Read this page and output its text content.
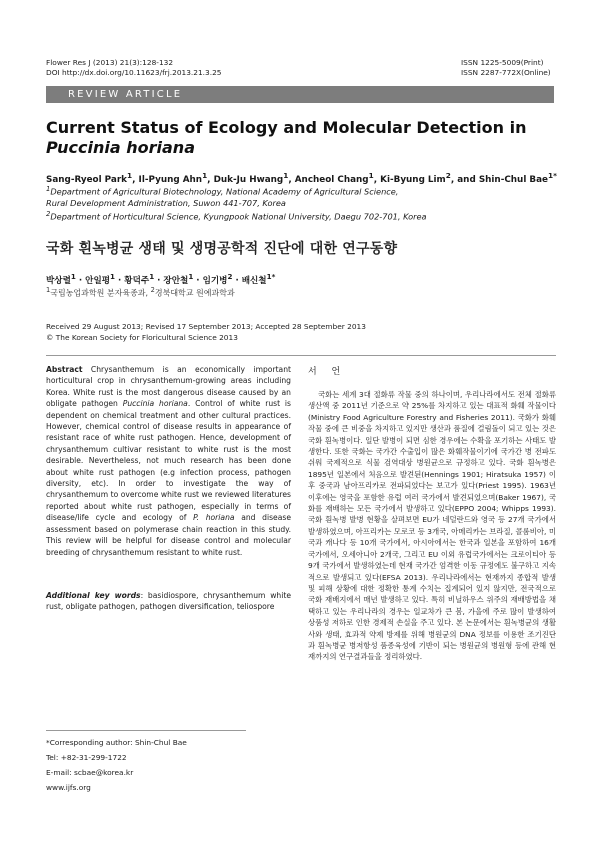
Flower Res J (2013) 21(3):128-132
DOI http://dx.doi.org/10.11623/frj.2013.21.3.25
ISSN 1225-5009(Print)
ISSN 2287-772X(Online)
REVIEW ARTICLE
Current Status of Ecology and Molecular Detection in
Puccinia horiana
Sang-Ryeol Park$^1$, Il-Pyung Ahn$^1$, Duk-Ju Hwang$^1$, Ancheol Chang$^1$, Ki-Byung Lim$^2$, and Shin-Chul Bae$^{1*}$
$^1$Department of Agricultural Biotechnology, National Academy of Agricultural Science,
Rural Development Administration, Suwon 441-707, Korea
$^2$Department of Horticultural Science, Kyungpook National University, Daegu 702-701, Korea
국화 흰녹병균 생태 및 생명공학적 진단에 대한 연구동향
박상렬$^1$ · 안일평$^1$ · 황덕주$^1$ · 장안철$^1$ · 임기병$^2$ · 배신철$^{1*}$
$^1$국립농업과학원 분자육종과, $^2$경북대학교 원예과학과
Received 29 August 2013; Revised 17 September 2013; Accepted 28 September 2013
© The Korean Society for Floricultural Science 2013
Abstract Chrysanthemum is an economically important horticultural crop in chrysanthemum-growing areas including Korea. White rust is the most dangerous disease caused by an obligate pathogen Puccinia horiana. Control of white rust is dependent on chemical treatment and other cultural practices. However, chemical control of disease results in appearance of resistant race of white rust pathogen. Hence, development of chrysanthemum cultivar resistant to white rust is the most desirable. Nevertheless, not much research has been done about white rust pathogen (e.g infection process, pathogen diversity, etc). In order to investigate the way of chrysanthemum to overcome white rust we reviewed literatures reported about white rust pathogen, especially in terms of disease/life cycle and ecology of P. horiana and disease assessment based on polymerase chain reaction in this study. This review will be helpful for disease control and molecular breeding of chrysanthemum resistant to white rust.
Additional key words: basidiospore, chrysanthemum white rust, obligate pathogen, pathogen diversification, teliospore
*Corresponding author: Shin-Chul Bae
Tel: +82-31-299-1722
E-mail: scbae@korea.kr
www.ijfs.org
서 언
국화는 세계 3대 절화류 작물 중의 하나이며, 우리나라에서도 전체 절화류 생산액 중 2011년 기준으로 약 25%를 차지하고 있는 대표적 화훼 작물이다(Ministry Food Agriculture Forestry and Fisheries 2011). 국화가 화훼작물 중에 큰 비중을 차지하고 있지만 생산과 품질에 걸림돌이 되고 있는 것은 국화 흰녹병이다. 일단 발병이 되면 심한 경우에는 수확을 포기하는 사태도 발생한다. 또한 국화는 국가간 수출입이 많은 화훼작물이기에 국가간 병 전파도 쉬워 국제적으로 식물 검역대상 병원균으로 규정하고 있다. 국화 흰녹병은 1895년 일본에서 처음으로 발견된(Hennings 1901; Hiratsuka 1957) 이후 중국과 남아프리카로 전파되었다는 보고가 있다(Priest 1995). 1963년 이후에는 영국을 포함한 유럽 여러 국가에서 발견되었으며(Baker 1967), 국화를 재배하는 모든 국가에서 발생하고 있다(EPPO 2004; Whipps 1993). 국화 흰녹병 발병 현황을 살펴보면 EU가 네덜란드와 영국 등 27개 국가에서 발생하였으며, 아프리카는 모로코 등 3개국, 아메리카는 브라질, 콜롬비아, 미국과 캐나다 등 10개 국가에서, 아시아에서는 한국과 일본을 포함하여 16개 국가에서, 오세아니아 2개국, 그리고 EU 이외 유럽국가에서는 크로이티아 등 9개 국가에서 발생하였는데 현재 국가간 엄격한 이동 규정에도 불구하고 지속적으로 발생되고 있다(EFSA 2013). 우리나라에서는 현재까지 종합적 발생 및 피해 상황에 대한 정확한 통계 수치는 집계되어 있지 않지만, 전국적으로 국화 재배지에서 매년 발생하고 있다. 특히 비닐하우스 위주의 재배방법을 채택하고 있는 우리나라의 경우는 일교차가 큰 봄, 가을에 주로 많이 발생하여 상품성 저하로 인한 경제적 손실을 주고 있다. 본 논문에서는 흰녹병균의 생활사와 생태, 효과적 약제 방제를 위해 병원균의 DNA 정보를 이용한 조기진단과 흰녹병균 병저항성 품종육성에 기반이 되는 병원균의 병원형 등에 관해 현재까지의 연구결과들을 정리하였다.
